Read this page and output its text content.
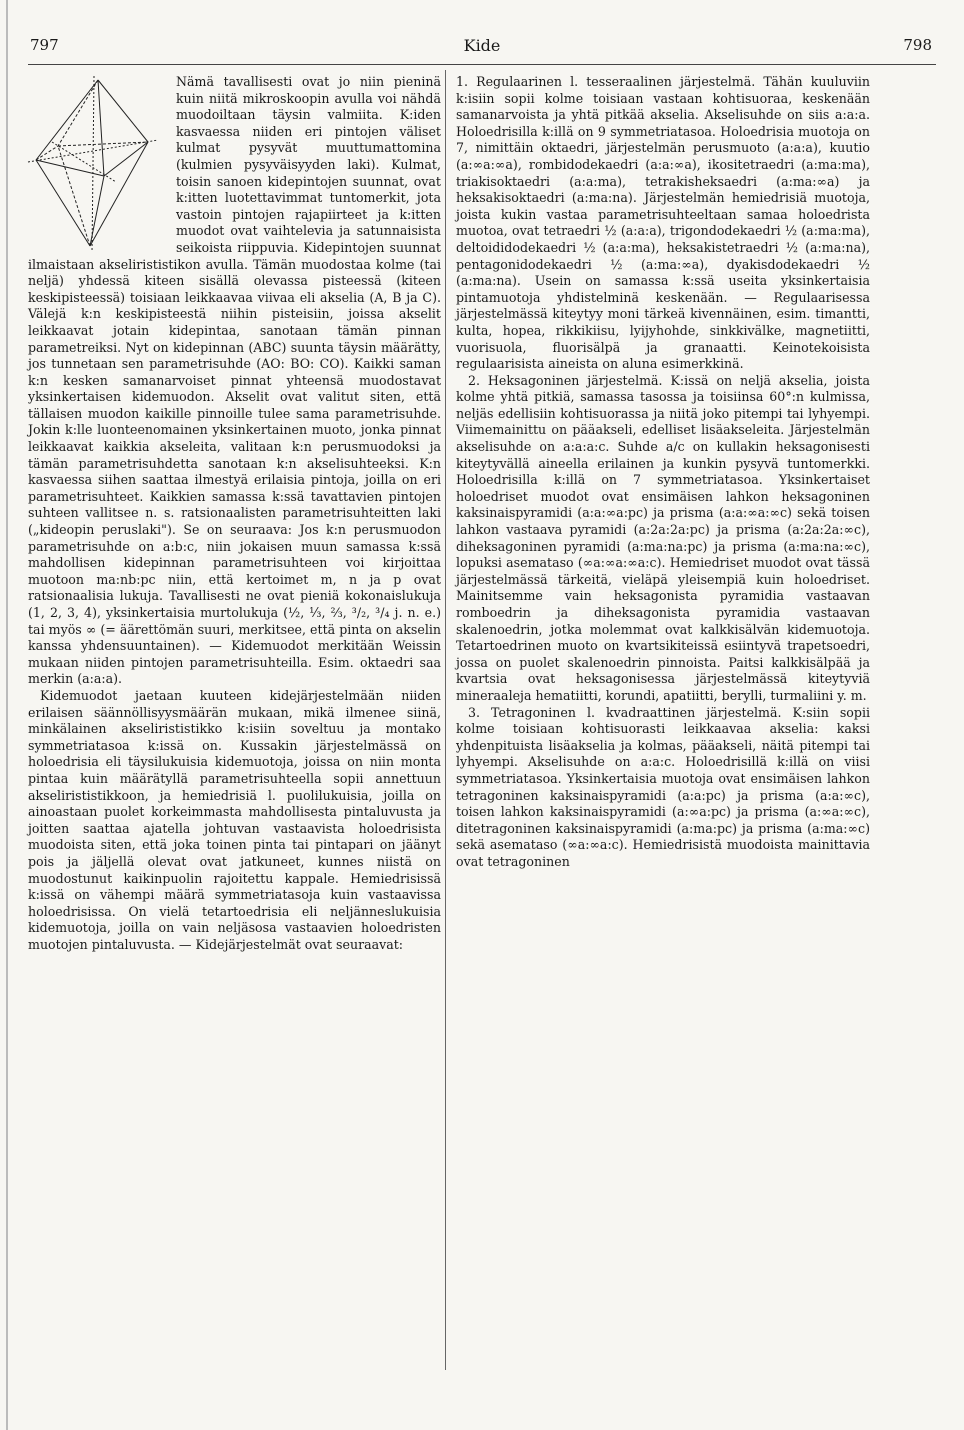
797	Kide	798

Nämä tavallisesti ovat jo niin pieninä kuin niitä mikroskoopin avulla voi nähdä muodoiltaan täysin valmiita. K:iden kasvaessa niiden eri pintojen väliset kulmat pysyvät muuttumattomina (kulmien pysyväisyyden laki). Kulmat, toisin sanoen kidepintojen suunnat, ovat k:itten luotettavimmat tuntomerkit, jota vastoin pintojen rajapiirteet ja k:itten muodot ovat vaihtelevia ja satunnaisista seikoista riippuvia. Kidepintojen suunnat ilmaistaan akselirististikon avulla. Tämän muodostaa kolme (tai neljä) yhdessä kiteen sisällä olevassa pisteessä (kiteen keskipisteessä) toisiaan leikkaavaa viivaa eli akselia (A, B ja C). Välejä k:n keskipisteestä niihin pisteisiin, joissa akselit leikkaavat jotain kidepintaa, sanotaan tämän pinnan parametreiksi. Nyt on kidepinnan (ABC) suunta täysin määrätty, jos tunnetaan sen parametrisuhde (AO: BO: CO). Kaikki saman k:n kesken samanarvoiset pinnat yhteensä muodostavat yksinkertaisen kidemuodon. Akselit ovat valitut siten, että tällaisen muodon kaikille pinnoille tulee sama parametrisuhde. Jokin k:lle luonteenomainen yksinkertainen muoto, jonka pinnat leikkaavat kaikkia akseleita, valitaan k:n perusmuodoksi ja tämän parametrisuhdetta sanotaan k:n akselisuhteeksi. K:n kasvaessa siihen saattaa ilmestyä erilaisia pintoja, joilla on eri parametrisuhteet. Kaikkien samassa k:ssä tavattavien pintojen suhteen vallitsee n. s. ratsionaalisten parametrisuhteitten laki („kideopin peruslaki"). Se on seuraava: Jos k:n perusmuodon parametrisuhde on a:b:c, niin jokaisen muun samassa k:ssä mahdollisen kidepinnan parametrisuhteen voi kirjoittaa muotoon ma:nb:pc niin, että kertoimet m, n ja p ovat ratsionaalisia lukuja. Tavallisesti ne ovat pieniä kokonaislukuja (1, 2, 3, 4), yksinkertaisia murtolukuja (½, ⅓, ⅔, ³/₂, ³/₄ j. n. e.) tai myös ∞ (= äärettömän suuri, merkitsee, että pinta on akselin kanssa yhdensuuntainen). — Kidemuodot merkitään Weissin mukaan niiden pintojen parametrisuhteilla. Esim. oktaedri saa merkin (a:a:a).

Kidemuodot jaetaan kuuteen kidejärjestelmään niiden erilaisen säännöllisyysmäärän mukaan, mikä ilmenee siinä, minkälainen akselirististikko k:isiin soveltuu ja montako symmetriatasoa k:issä on. Kussakin järjestelmässä on holoedrisia eli täysilukuisia kidemuotoja, joissa on niin monta pintaa kuin määrätyllä parametrisuhteella sopii annettuun akselirististikkoon, ja hemiedrisiä l. puolilukuisia, joilla on ainoastaan puolet korkeimmasta mahdollisesta pintaluvusta ja joitten saattaa ajatella johtuvan vastaavista holoedrisista muodoista siten, että joka toinen pinta tai pintapari on jäänyt pois ja jäljellä olevat ovat jatkuneet, kunnes niistä on muodostunut kaikinpuolin rajoitettu kappale. Hemiedrisissä k:issä on vähempi määrä symmetriatasoja kuin vastaavissa holoedrisissa. On vielä tetartoedrisia eli neljänneslukuisia kidemuotoja, joilla on vain neljäsosa vastaavien holoedristen muotojen pintaluvusta. — Kidejärjestelmät ovat seuraavat:

1. Regulaarinen l. tesseraalinen järjestelmä. Tähän kuuluviin k:isiin sopii kolme toisiaan vastaan kohtisuoraa, keskenään samanarvoista ja yhtä pitkää akselia. Akselisuhde on siis a:a:a. Holoedrisilla k:illä on 9 symmetriatasoa. Holoedrisia muotoja on 7, nimittäin oktaedri, järjestelmän perusmuoto (a:a:a), kuutio (a:∞a:∞a), rombidodekaedri (a:a:∞a), ikositetraedri (a:ma:ma), triakisoktaedri (a:a:ma), tetrakisheksaedri (a:ma:∞a) ja heksakisoktaedri (a:ma:na). Järjestelmän hemiedrisiä muotoja, joista kukin vastaa parametrisuhteeltaan samaa holoedrista muotoa, ovat tetraedri ½ (a:a:a), trigondodekaedri ½ (a:ma:ma), deltoididodekaedri ½ (a:a:ma), heksakistetraedri ½ (a:ma:na), pentagonidodekaedri ½ (a:ma:∞a), dyakisdodekaedri ½ (a:ma:na). Usein on samassa k:ssä useita yksinkertaisia pintamuotoja yhdistelminä keskenään. — Regulaarisessa järjestelmässä kiteytyy moni tärkeä kivennäinen, esim. timantti, kulta, hopea, rikkikiisu, lyijyhohde, sinkkivälke, magnetiitti, vuorisuola, fluorisälpä ja granaatti. Keinotekoisista regulaarisista aineista on aluna esimerkkinä.

2. Heksagoninen järjestelmä. K:issä on neljä akselia, joista kolme yhtä pitkiä, samassa tasossa ja toisiinsa 60°:n kulmissa, neljäs edellisiin kohtisuorassa ja niitä joko pitempi tai lyhyempi. Viimemainittu on pääakseli, edelliset lisäakseleita. Järjestelmän akselisuhde on a:a:a:c. Suhde a/c on kullakin heksagonisesti kiteytyvällä aineella erilainen ja kunkin pysyvä tuntomerkki. Holoedrisilla k:illä on 7 symmetriatasoa. Yksinkertaiset holoedriset muodot ovat ensimäisen lahkon heksagoninen kaksinaispyramidi (a:a:∞a:pc) ja prisma (a:a:∞a:∞c) sekä toisen lahkon vastaava pyramidi (a:2a:2a:pc) ja prisma (a:2a:2a:∞c), diheksagoninen pyramidi (a:ma:na:pc) ja prisma (a:ma:na:∞c), lopuksi asemataso (∞a:∞a:∞a:c). Hemiedriset muodot ovat tässä järjestelmässä tärkeitä, vieläpä yleisempiä kuin holoedriset. Mainitsemme vain heksagonista pyramidia vastaavan romboedrin ja diheksagonista pyramidia vastaavan skalenoedrin, jotka molemmat ovat kalkkisälvän kidemuotoja. Tetartoedrinen muoto on kvartsikiteissä esiintyvä trapetsoedri, jossa on puolet skalenoedrin pinnoista. Paitsi kalkkisälpää ja kvartsia ovat heksagonisessa järjestelmässä kiteytyviä mineraaleja hematiitti, korundi, apatiitti, berylli, turmaliini y. m.

3. Tetragoninen l. kvadraattinen järjestelmä. K:siin sopii kolme toisiaan kohtisuorasti leikkaavaa akselia: kaksi yhdenpituista lisäakselia ja kolmas, pääakseli, näitä pitempi tai lyhyempi. Akselisuhde on a:a:c. Holoedrisillä k:illä on viisi symmetriatasoa. Yksinkertaisia muotoja ovat ensimäisen lahkon tetragoninen kaksinaispyramidi (a:a:pc) ja prisma (a:a:∞c), toisen lahkon kaksinaispyramidi (a:∞a:pc) ja prisma (a:∞a:∞c), ditetragoninen kaksinaispyramidi (a:ma:pc) ja prisma (a:ma:∞c) sekä asemataso (∞a:∞a:c). Hemiedrisistä muodoista mainittavia ovat tetragoninen
